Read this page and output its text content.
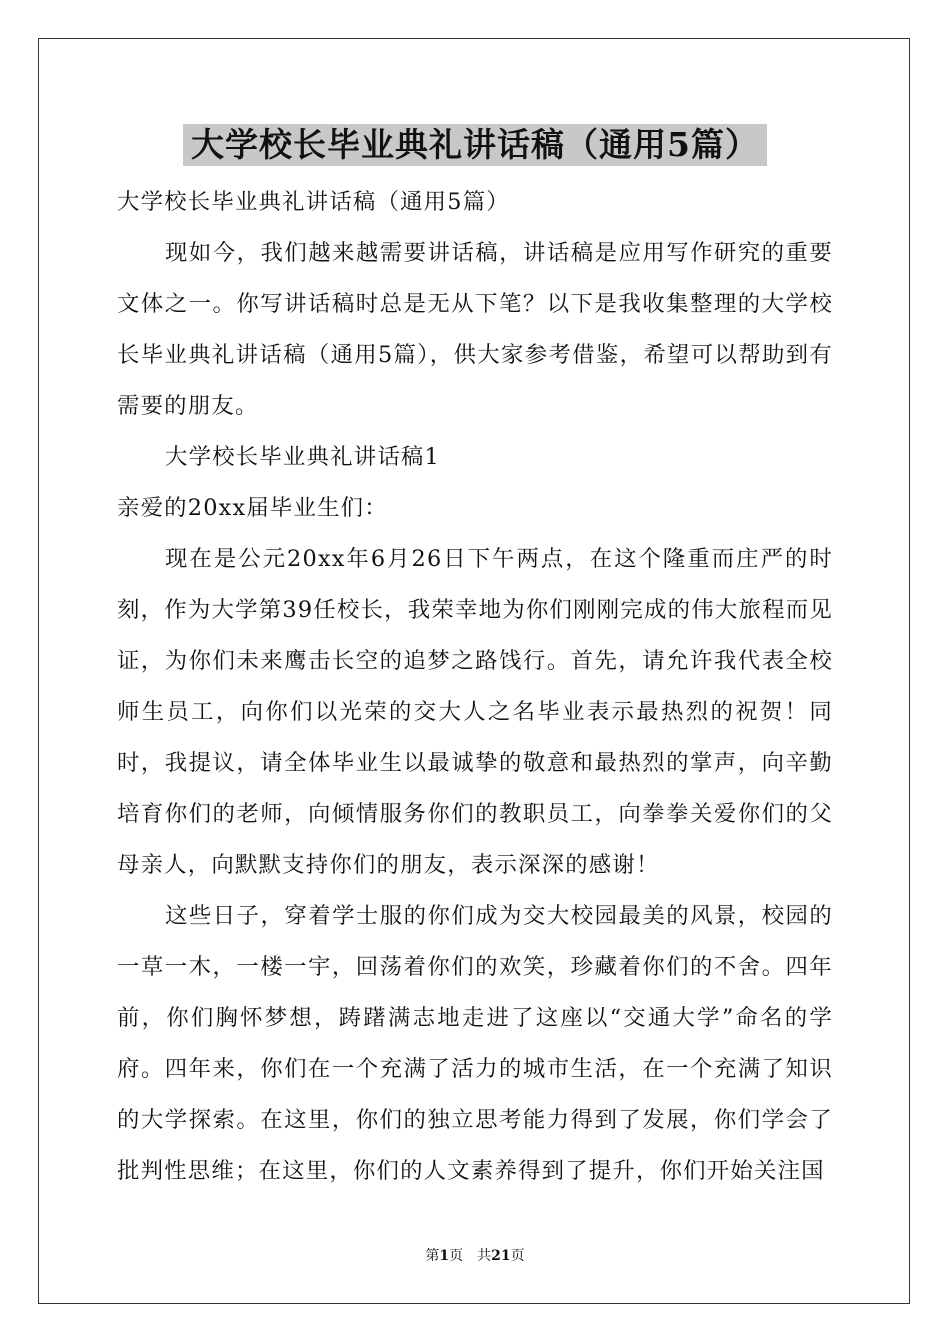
大学校长毕业典礼讲话稿（通用5篇）

大学校长毕业典礼讲话稿（通用5篇）

现如今，我们越来越需要讲话稿，讲话稿是应用写作研究的重要文体之一。你写讲话稿时总是无从下笔？以下是我收集整理的大学校长毕业典礼讲话稿（通用5篇），供大家参考借鉴，希望可以帮助到有需要的朋友。

大学校长毕业典礼讲话稿1

亲爱的20xx届毕业生们：

现在是公元20xx年6月26日下午两点，在这个隆重而庄严的时刻，作为大学第39任校长，我荣幸地为你们刚刚完成的伟大旅程而见证，为你们未来鹰击长空的追梦之路饯行。首先，请允许我代表全校师生员工，向你们以光荣的交大人之名毕业表示最热烈的祝贺！同时，我提议，请全体毕业生以最诚挚的敬意和最热烈的掌声，向辛勤培育你们的老师，向倾情服务你们的教职员工，向拳拳关爱你们的父母亲人，向默默支持你们的朋友，表示深深的感谢！

这些日子，穿着学士服的你们成为交大校园最美的风景，校园的一草一木，一楼一宇，回荡着你们的欢笑，珍藏着你们的不舍。四年前，你们胸怀梦想，踌躇满志地走进了这座以“交通大学”命名的学府。四年来，你们在一个充满了活力的城市生活，在一个充满了知识的大学探索。在这里，你们的独立思考能力得到了发展，你们学会了批判性思维；在这里，你们的人文素养得到了提升，你们开始关注国

第1页　共21页
